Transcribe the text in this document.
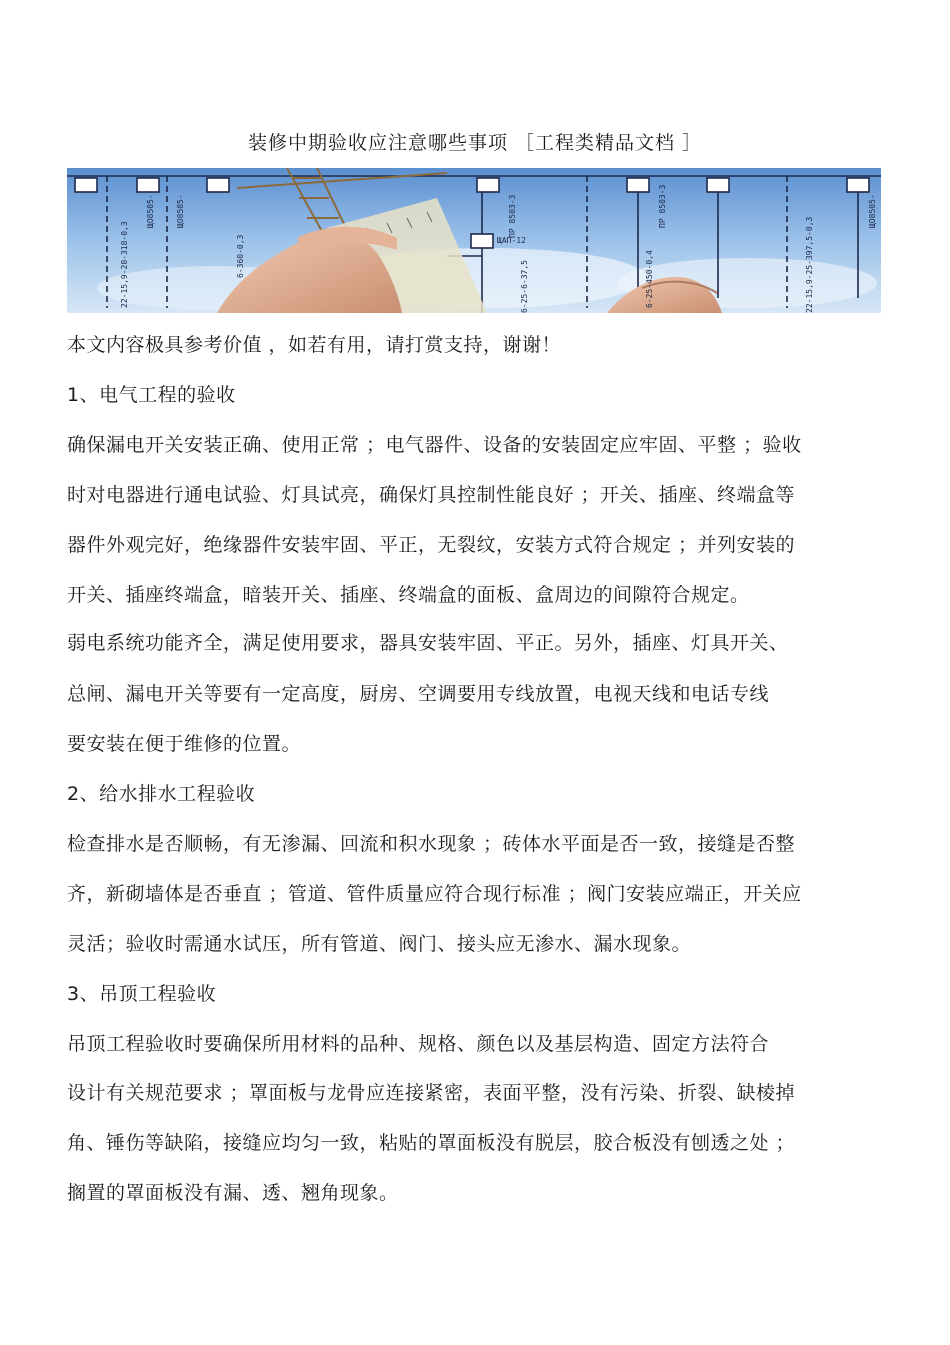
装修中期验收应注意哪些事项 ［工程类精品文档 ］
ЩО8505-	ЩО8505-
6-360-0,3
ПР 8503-3
ЩАП-12
ПР 8503-3	ЩО8505-
22-15,9-20-318-0,3	6-25-450-0,4
6-25-6-37,5	22-15,9-25-397,5-0,3
本文内容极具参考价值 ，如若有用，请打赏支持，谢谢！
1、电气工程的验收
确保漏电开关安装正确、使用正常 ；电气器件、设备的安装固定应牢固、平整 ；验收
时对电器进行通电试验、灯具试亮，确保灯具控制性能良好 ；开关、插座、终端盒等
器件外观完好，绝缘器件安装牢固、平正，无裂纹，安装方式符合规定 ；并列安装的
开关、插座终端盒，暗装开关、插座、终端盒的面板、盒周边的间隙符合规定。
弱电系统功能齐全，满足使用要求，器具安装牢固、平正。另外，插座、灯具开关、
总闸、漏电开关等要有一定高度，厨房、空调要用专线放置，电视天线和电话专线
要安装在便于维修的位置。
2、给水排水工程验收
检查排水是否顺畅，有无渗漏、回流和积水现象 ；砖体水平面是否一致，接缝是否整
齐，新砌墙体是否垂直 ；管道、管件质量应符合现行标准 ；阀门安装应端正，开关应
灵活；验收时需通水试压，所有管道、阀门、接头应无渗水、漏水现象。
3、吊顶工程验收
吊顶工程验收时要确保所用材料的品种、规格、颜色以及基层构造、固定方法符合
设计有关规范要求 ；罩面板与龙骨应连接紧密，表面平整，没有污染、折裂、缺棱掉
角、锤伤等缺陷，接缝应均匀一致，粘贴的罩面板没有脱层，胶合板没有刨透之处 ；
搁置的罩面板没有漏、透、翘角现象。
